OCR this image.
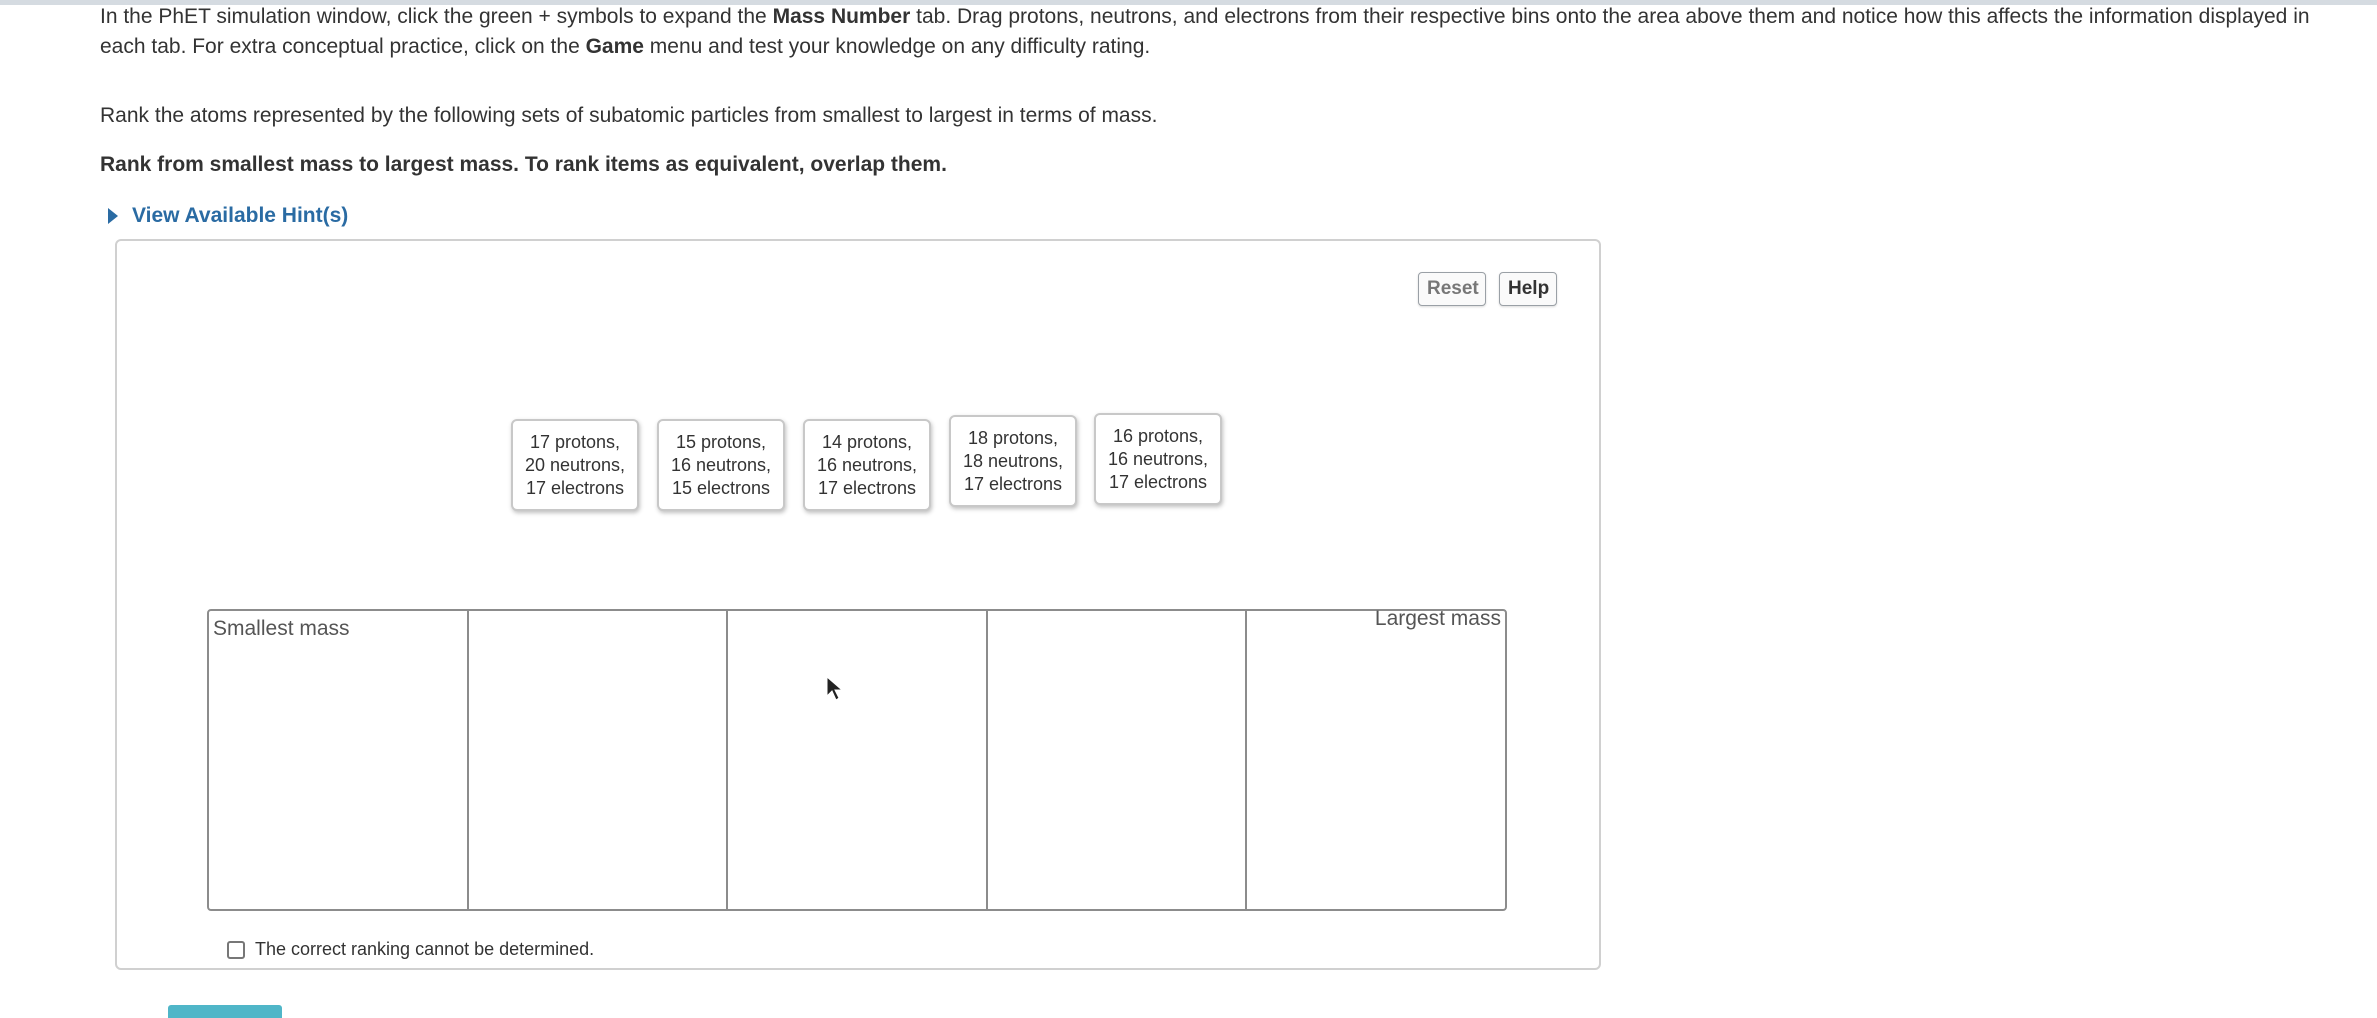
In the PhET simulation window, click the green + symbols to expand the Mass Number tab. Drag protons, neutrons, and electrons from their respective bins onto the area above them and notice how this affects the information displayed in each tab. For extra conceptual practice, click on the Game menu and test your knowledge on any difficulty rating.
Rank the atoms represented by the following sets of subatomic particles from smallest to largest in terms of mass.
Rank from smallest mass to largest mass. To rank items as equivalent, overlap them.
View Available Hint(s)
Reset	Help
17 protons,
20 neutrons,
17 electrons
15 protons,
16 neutrons,
15 electrons
14 protons,
16 neutrons,
17 electrons
18 protons,
18 neutrons,
17 electrons
16 protons,
16 neutrons,
17 electrons
Smallest mass	Largest mass
The correct ranking cannot be determined.
